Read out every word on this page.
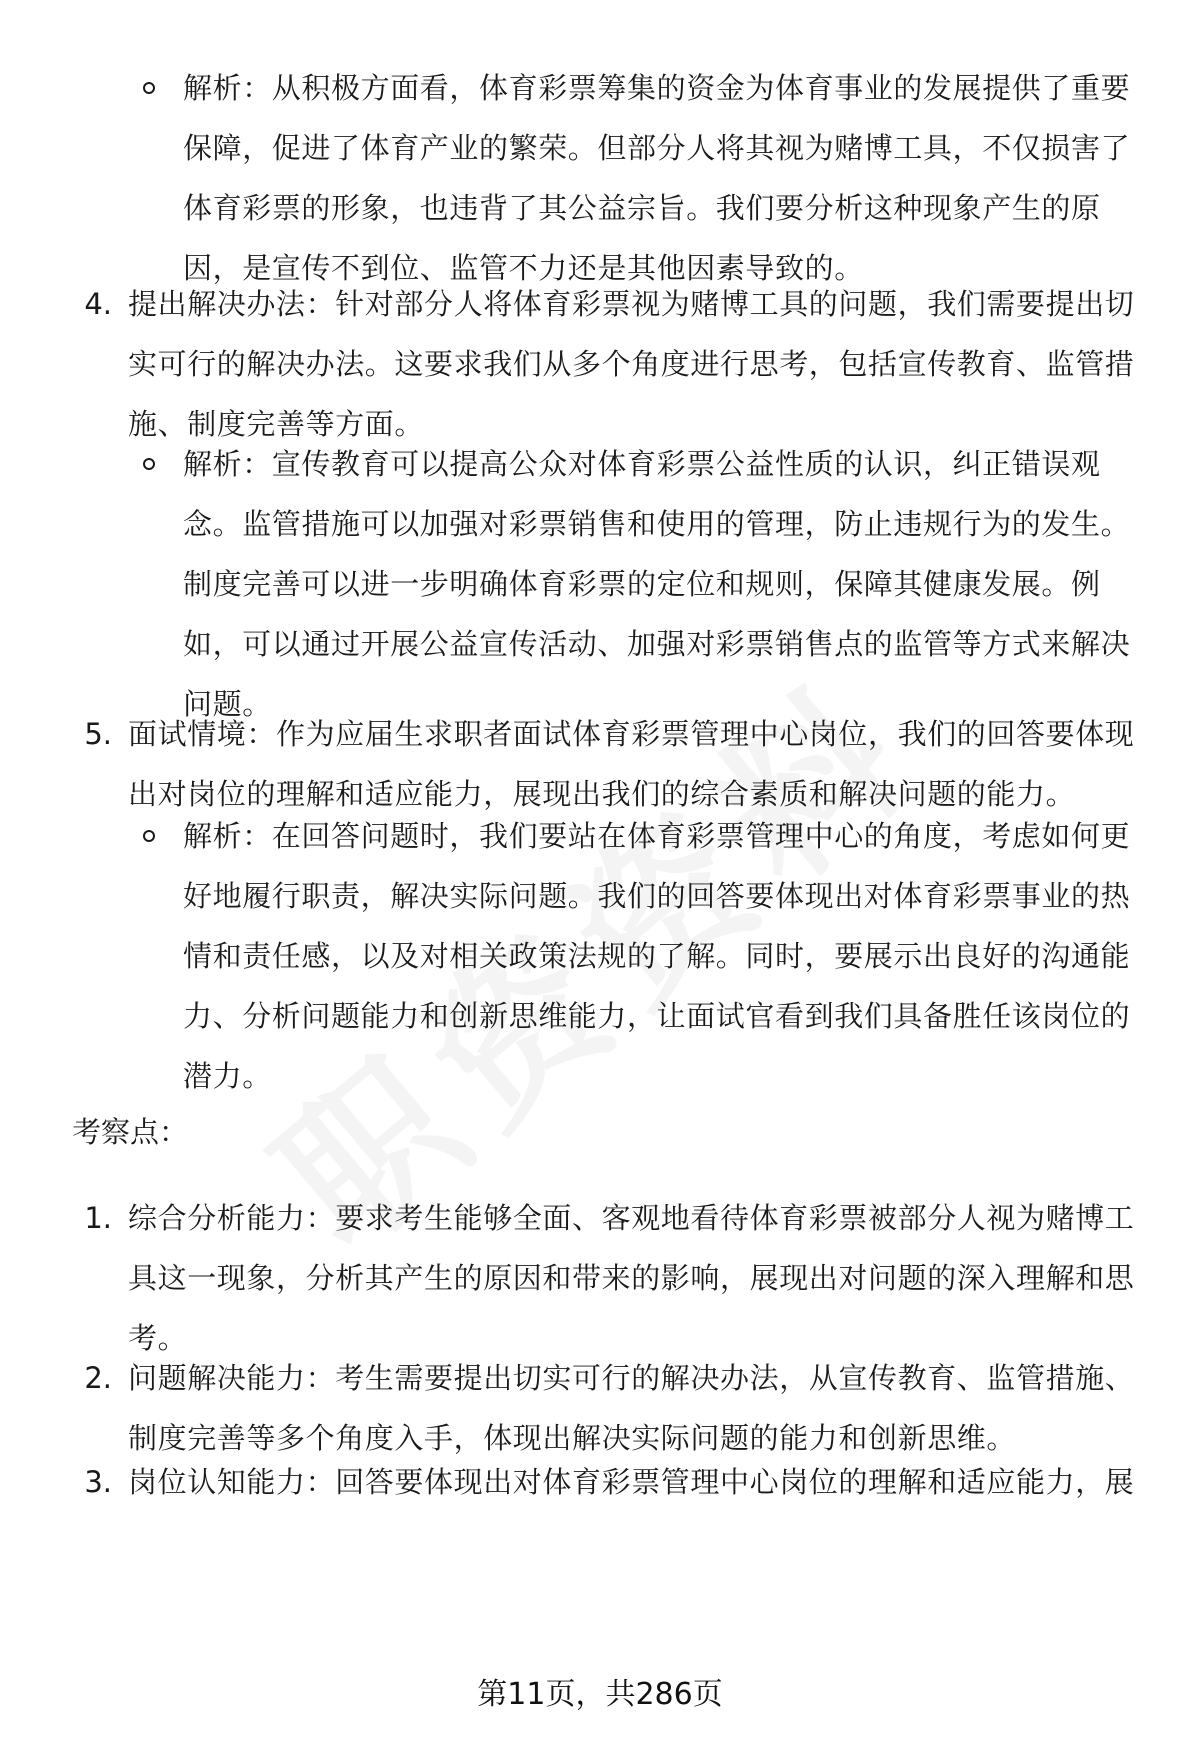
解析：从积极方面看，体育彩票筹集的资金为体育事业的发展提供了重要保障，促进了体育产业的繁荣。但部分人将其视为赌博工具，不仅损害了体育彩票的形象，也违背了其公益宗旨。我们要分析这种现象产生的原因，是宣传不到位、监管不力还是其他因素导致的。
4. 提出解决办法：针对部分人将体育彩票视为赌博工具的问题，我们需要提出切实可行的解决办法。这要求我们从多个角度进行思考，包括宣传教育、监管措施、制度完善等方面。
解析：宣传教育可以提高公众对体育彩票公益性质的认识，纠正错误观念。监管措施可以加强对彩票销售和使用的管理，防止违规行为的发生。制度完善可以进一步明确体育彩票的定位和规则，保障其健康发展。例如，可以通过开展公益宣传活动、加强对彩票销售点的监管等方式来解决问题。
5. 面试情境：作为应届生求职者面试体育彩票管理中心岗位，我们的回答要体现出对岗位的理解和适应能力，展现出我们的综合素质和解决问题的能力。
解析：在回答问题时，我们要站在体育彩票管理中心的角度，考虑如何更好地履行职责，解决实际问题。我们的回答要体现出对体育彩票事业的热情和责任感，以及对相关政策法规的了解。同时，要展示出良好的沟通能力、分析问题能力和创新思维能力，让面试官看到我们具备胜任该岗位的潜力。
考察点：
1. 综合分析能力：要求考生能够全面、客观地看待体育彩票被部分人视为赌博工具这一现象，分析其产生的原因和带来的影响，展现出对问题的深入理解和思考。
2. 问题解决能力：考生需要提出切实可行的解决办法，从宣传教育、监管措施、制度完善等多个角度入手，体现出解决实际问题的能力和创新思维。
3. 岗位认知能力：回答要体现出对体育彩票管理中心岗位的理解和适应能力，展
第11页，共286页
